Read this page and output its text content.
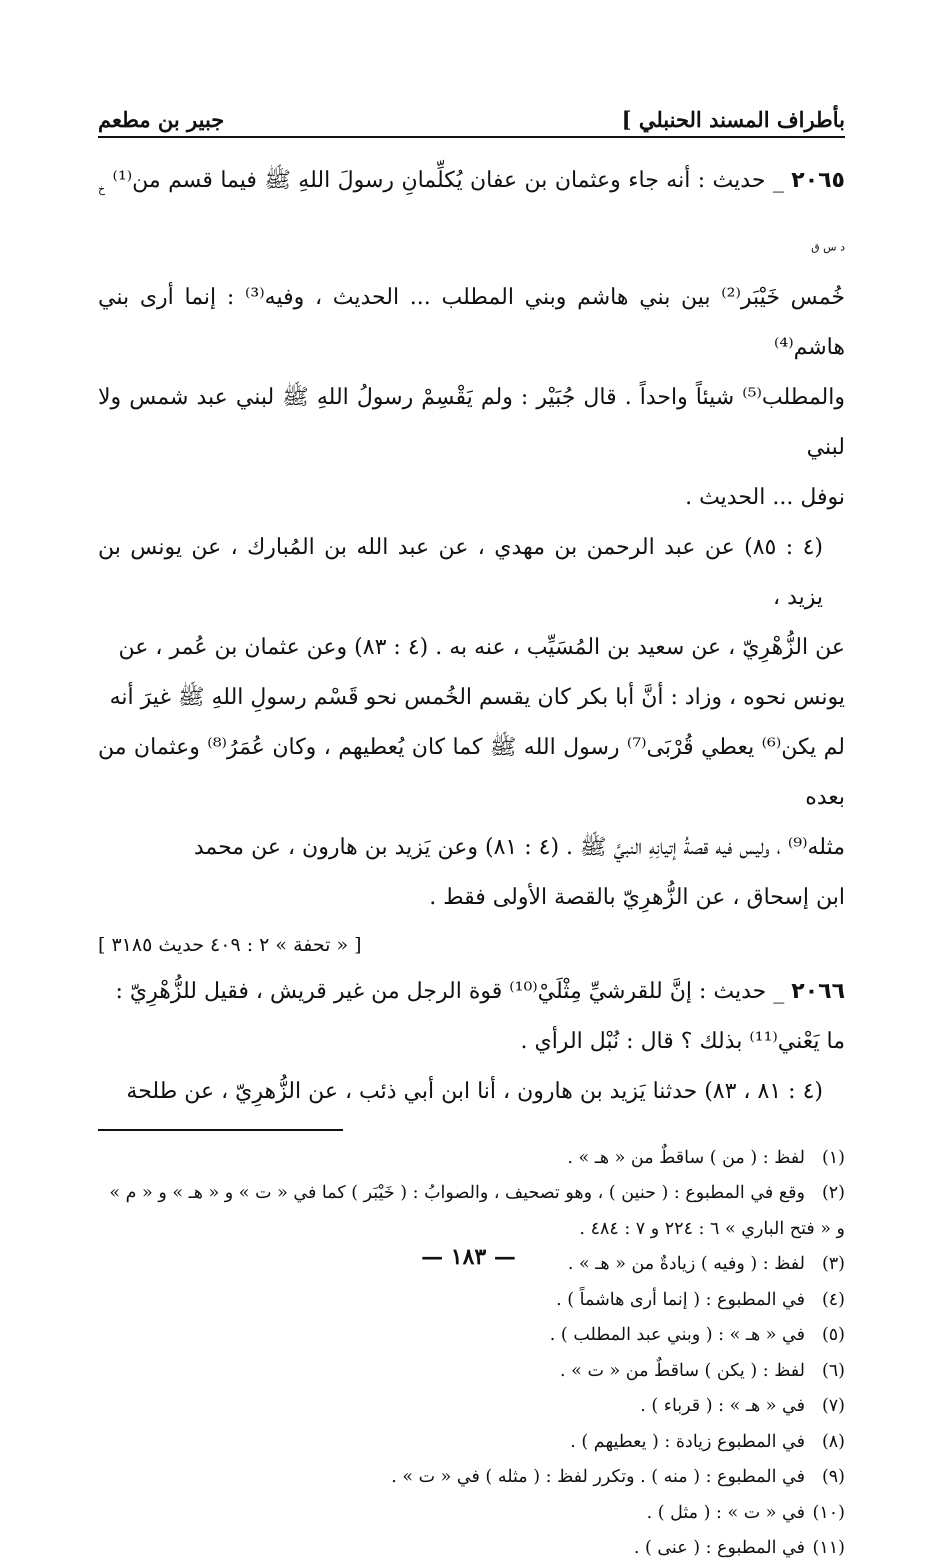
بأطراف المسند الحنبلي ]
جبير بن مطعم

٢٠٦٥ _ حديث : أنه جاء وعثمان بن عفان يُكلِّمانِ رسولَ اللهِ ﷺ فيما قسم من⁽¹⁾ $_{خ د س ق}$

خُمس خَيْبَر⁽²⁾ بين بني هاشم وبني المطلب ... الحديث ، وفيه⁽³⁾ : إنما أرى بني هاشم⁽⁴⁾

والمطلب⁽⁵⁾ شيئاً واحداً . قال جُبَيْر : ولم يَقْسِمْ رسولُ اللهِ ﷺ لبني عبد شمس ولا لبني

نوفل ... الحديث .

(٤ : ٨٥) عن عبد الرحمن بن مهدي ، عن عبد الله بن المُبارك ، عن يونس بن يزيد ،

عن الزُّهْرِيّ ، عن سعيد بن المُسَيِّب ، عنه به . (٤ : ٨٣) وعن عثمان بن عُمر ، عن

يونس نحوه ، وزاد : أنَّ أبا بكر كان يقسم الخُمس نحو قَسْم رسولِ اللهِ ﷺ غيرَ أنه

لم يكن⁽⁶⁾ يعطي قُرْبَى⁽⁷⁾ رسول الله ﷺ كما كان يُعطيهم ، وكان عُمَرُ⁽⁸⁾ وعثمان من بعده

مثله⁽⁹⁾ ، وليس فيه قصةُ إتيانِهِ النبيَّ ﷺ . (٤ : ٨١) وعن يَزيد بن هارون ، عن محمد

ابن إسحاق ، عن الزُّهرِيّ بالقصة الأولى فقط .

[ « تحفة » ٢ : ٤٠٩ حديث ٣١٨٥ ]

٢٠٦٦ _ حديث : إنَّ للقرشيِّ مِثْلَيْ⁽¹⁰⁾ قوة الرجل من غير قريش ، فقيل للزُّهْرِيّ :

ما يَعْني⁽¹¹⁾ بذلك ؟ قال : نُبْل الرأي .

(٤ : ٨١ ، ٨٣) حدثنا يَزيد بن هارون ، أنا ابن أبي ذئب ، عن الزُّهرِيّ ، عن طلحة

(١)
لفظ : ( من ) ساقطٌ من « هـ » .
(٢)
وقع في المطبوع : ( حنين ) ، وهو تصحيف ، والصوابُ : ( خَيْبَر ) كما في « ت » و « هـ » و « م »
و « فتح الباري » ٦ : ٢٢٤ و ٧ : ٤٨٤ .
(٣)
لفظ : ( وفيه ) زيادةٌ من « هـ » .
(٤)
في المطبوع : ( إنما أرى هاشماً ) .
(٥)
في « هـ » : ( وبني عبد المطلب ) .
(٦)
لفظ : ( يكن ) ساقطٌ من « ت » .
(٧)
في « هـ » : ( قرباء ) .
(٨)
في المطبوع زيادة : ( يعطيهم ) .
(٩)
في المطبوع : ( منه ) . وتكرر لفظ : ( مثله ) في « ت » .
(١٠)
في « ت » : ( مثل ) .
(١١)
في المطبوع : ( عنى ) .
— ١٨٣ —
